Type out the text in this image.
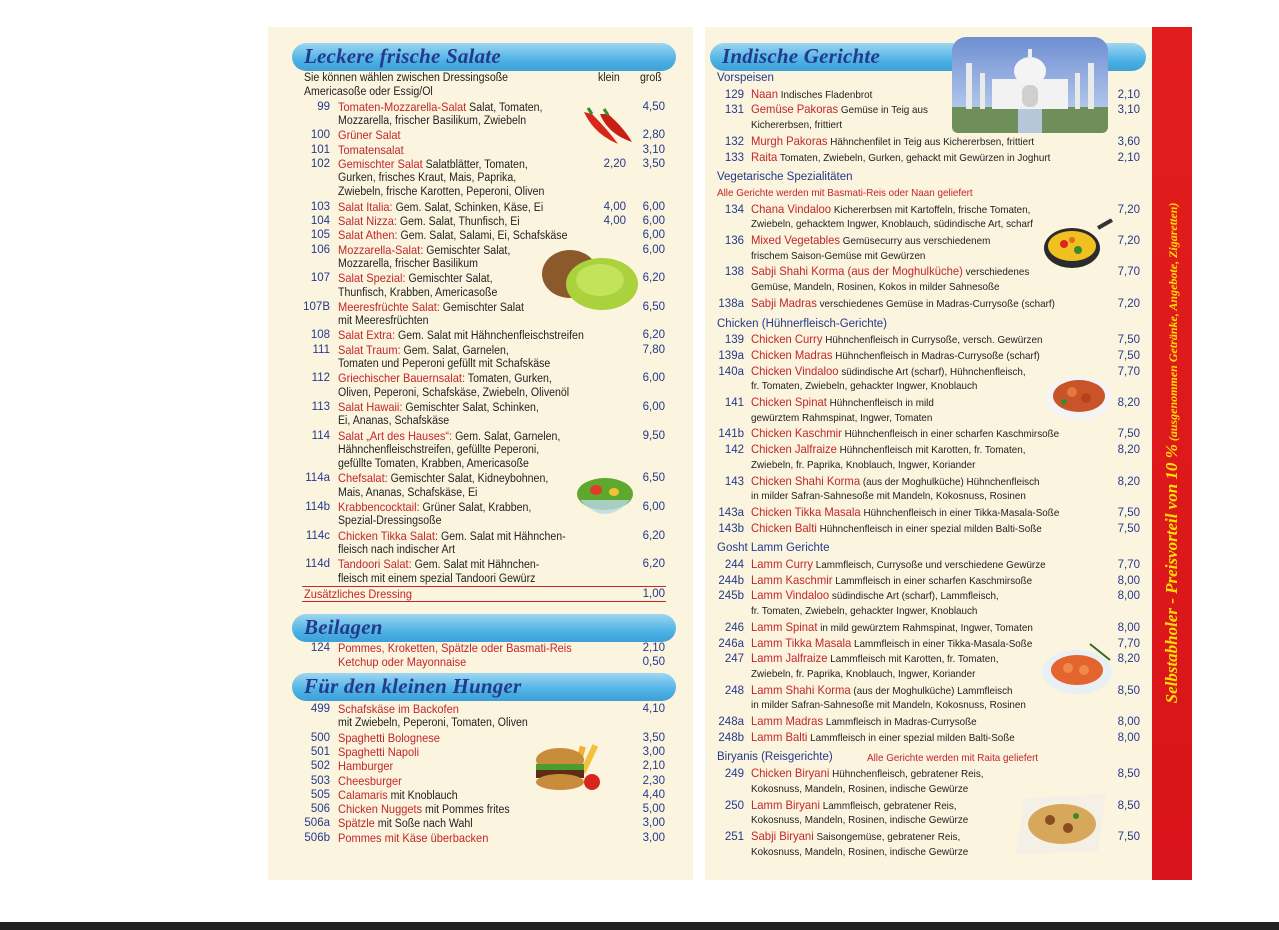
Leckere frische Salate
Beilagen
Für den kleinen Hunger
Indische Gerichte
Sie können wählen zwischen Dressingsoße	klein groß
Americasoße oder Essig/Öl
99 Tomaten-Mozzarella-Salat Salat, Tomaten,	4,50
Mozzarella, frischer Basilikum, Zwiebeln
100 Grüner Salat	2,80
101 Tomatensalat	3,10
102 Gemischter Salat Salatblätter, Tomaten,	2,20	3,50
Gurken, frisches Kraut, Mais, Paprika,
Zwiebeln, frische Karotten, Peperoni, Oliven
103 Salat Italia: Gem. Salat, Schinken, Käse, Ei	4,00	6,00
104 Salat Nizza: Gem. Salat, Thunfisch, Ei	4,00	6,00
105 Salat Athen: Gem. Salat, Salami, Ei, Schafskäse	6,00
106 Mozzarella-Salat: Gemischter Salat,	6,00
Mozzarella, frischer Basilikum
107 Salat Spezial: Gemischter Salat,	6,20
Thunfisch, Krabben, Americasoße
107B Meeresfrüchte Salat: Gemischter Salat	6,50
mit Meeresfrüchten
108 Salat Extra: Gem. Salat mit Hähnchenfleischstreifen	6,20
111 Salat Traum: Gem. Salat, Garnelen,	7,80
Tomaten und Peperoni gefüllt mit Schafskäse
112 Griechischer Bauernsalat: Tomaten, Gurken,	6,00
Oliven, Peperoni, Schafskäse, Zwiebeln, Olivenöl
113 Salat Hawaii: Gemischter Salat, Schinken,	6,00
Ei, Ananas, Schafskäse
114 Salat „Art des Hauses“: Gem. Salat, Garnelen,	9,50
Hähnchenfleischstreifen, gefüllte Peperoni,
gefüllte Tomaten, Krabben, Americasoße
114a Chefsalat: Gemischter Salat, Kidneybohnen,	6,50
Mais, Ananas, Schafskäse, Ei
114b Krabbencocktail: Grüner Salat, Krabben,	6,00
Spezial-Dressingsoße
114c Chicken Tikka Salat: Gem. Salat mit Hähnchen-	6,20
fleisch nach indischer Art
114d Tandoori Salat: Gem. Salat mit Hähnchen-	6,20
fleisch mit einem spezial Tandoori Gewürz
Zusätzliches Dressing	1,00
124 Pommes, Kroketten, Spätzle oder Basmati-Reis	2,10
Ketchup oder Mayonnaise	0,50
499 Schafskäse im Backofen	4,10
mit Zwiebeln, Peperoni, Tomaten, Oliven
500 Spaghetti Bolognese	3,50
501 Spaghetti Napoli	3,00
502 Hamburger	2,10
503 Cheesburger	2,30
505 Calamaris mit Knoblauch	4,40
506 Chicken Nuggets mit Pommes frites	5,00
506a Spätzle mit Soße nach Wahl	3,00
506b Pommes mit Käse überbacken	3,00
Vorspeisen
129 Naan Indisches Fladenbrot	2,10
131 Gemüse Pakoras Gemüse in Teig aus	3,10
Kichererbsen, frittiert
132 Murgh Pakoras Hähnchenfilet in Teig aus Kichererbsen, frittiert	3,60
133 Raita Tomaten, Zwiebeln, Gurken, gehackt mit Gewürzen in Joghurt	2,10
Vegetarische Spezialitäten
Alle Gerichte werden mit Basmati-Reis oder Naan geliefert
134 Chana Vindaloo Kichererbsen mit Kartoffeln, frische Tomaten,	7,20
Zwiebeln, gehacktem Ingwer, Knoblauch, südindische Art, scharf
136 Mixed Vegetables Gemüsecurry aus verschiedenem	7,20
frischem Saison-Gemüse mit Gewürzen
138 Sabji Shahi Korma (aus der Moghulküche) verschiedenes	7,70
Gemüse, Mandeln, Rosinen, Kokos in milder Sahnesoße
138a Sabji Madras verschiedenes Gemüse in Madras-Currysoße (scharf)	7,20
Chicken (Hühnerfleisch-Gerichte)
139 Chicken Curry Hühnchenfleisch in Currysoße, versch. Gewürzen	7,50
139a Chicken Madras Hühnchenfleisch in Madras-Currysoße (scharf)	7,50
140a Chicken Vindaloo südindische Art (scharf), Hühnchenfleisch,	7,70
fr. Tomaten, Zwiebeln, gehackter Ingwer, Knoblauch
141 Chicken Spinat Hühnchenfleisch in mild	8,20
gewürztem Rahmspinat, Ingwer, Tomaten
141b Chicken Kaschmir Hühnchenfleisch in einer scharfen Kaschmirsoße	7,50
142 Chicken Jalfraize Hühnchenfleisch mit Karotten, fr. Tomaten,	8,20
Zwiebeln, fr. Paprika, Knoblauch, Ingwer, Koriander
143 Chicken Shahi Korma (aus der Moghulküche) Hühnchenfleisch	8,20
in milder Safran-Sahnesoße mit Mandeln, Kokosnuss, Rosinen
143a Chicken Tikka Masala Hühnchenfleisch in einer Tikka-Masala-Soße	7,50
143b Chicken Balti Hühnchenfleisch in einer spezial milden Balti-Soße	7,50
Gosht Lamm Gerichte
244 Lamm Curry Lammfleisch, Currysoße und verschiedene Gewürze	7,70
244b Lamm Kaschmir Lammfleisch in einer scharfen Kaschmirsoße	8,00
245b Lamm Vindaloo südindische Art (scharf), Lammfleisch,	8,00
fr. Tomaten, Zwiebeln, gehackter Ingwer, Knoblauch
246 Lamm Spinat in mild gewürztem Rahmspinat, Ingwer, Tomaten	8,00
246a Lamm Tikka Masala Lammfleisch in einer Tikka-Masala-Soße	7,70
247 Lamm Jalfraize Lammfleisch mit Karotten, fr. Tomaten,	8,20
Zwiebeln, fr. Paprika, Knoblauch, Ingwer, Koriander
248 Lamm Shahi Korma (aus der Moghulküche) Lammfleisch	8,50
in milder Safran-Sahnesoße mit Mandeln, Kokosnuss, Rosinen
248a Lamm Madras Lammfleisch in Madras-Currysoße	8,00
248b Lamm Balti Lammfleisch in einer spezial milden Balti-Soße	8,00
Biryanis (Reisgerichte)	Alle Gerichte werden mit Raita geliefert
249 Chicken Biryani Hühnchenfleisch, gebratener Reis,	8,50
Kokosnuss, Mandeln, Rosinen, indische Gewürze
250 Lamm Biryani Lammfleisch, gebratener Reis,	8,50
Kokosnuss, Mandeln, Rosinen, indische Gewürze
251 Sabji Biryani Saisongemüse, gebratener Reis,	7,50
Kokosnuss, Mandeln, Rosinen, indische Gewürze
Selbstabholer - Preisvorteil von 10 % (ausgenommen Getränke, Angebote, Zigaretten)
